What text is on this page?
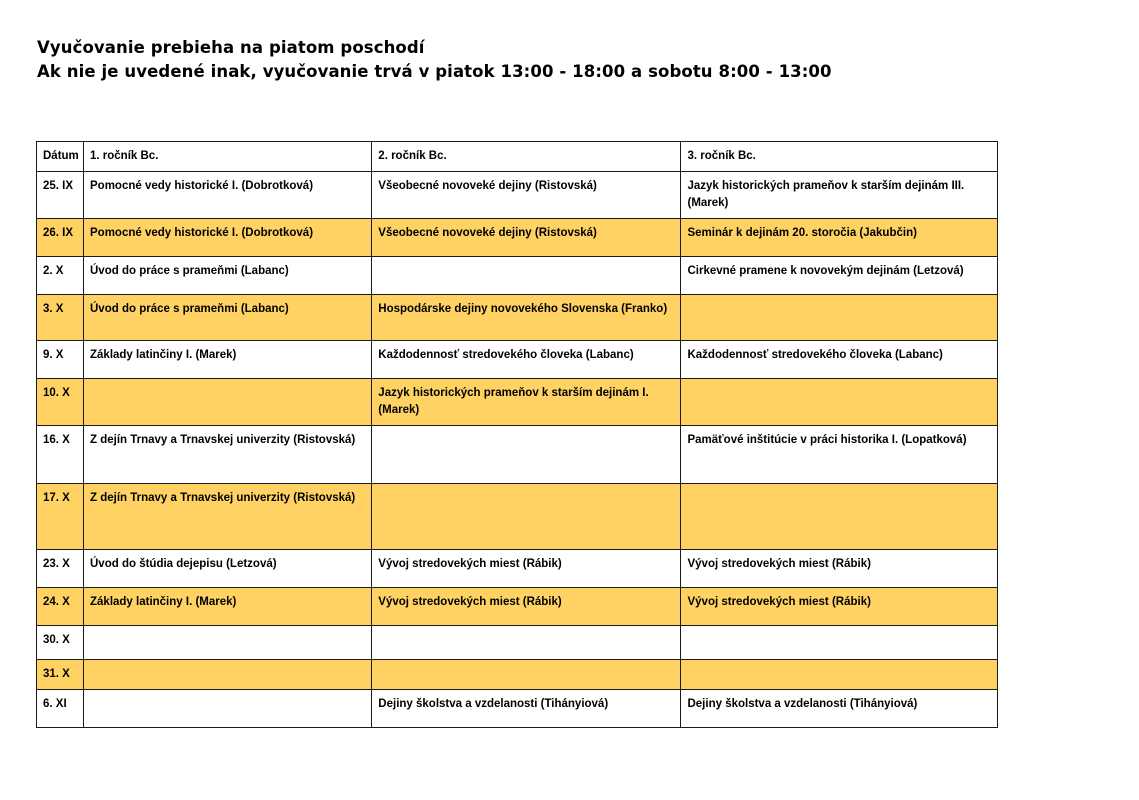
Vyučovanie prebieha na piatom poschodí
Ak nie je uvedené inak, vyučovanie trvá v piatok 13:00 - 18:00 a sobotu 8:00 - 13:00
Dátum	1. ročník Bc.	2. ročník Bc.	3. ročník Bc.
25. IX	Pomocné vedy historické I. (Dobrotková)	Všeobecné novoveké dejiny (Ristovská)	Jazyk historických prameňov k starším dejinám III. (Marek)
26. IX	Pomocné vedy historické I. (Dobrotková)	Všeobecné novoveké dejiny (Ristovská)	Seminár k dejinám 20. storočia (Jakubčin)
2. X	Úvod do práce s prameňmi (Labanc)		Cirkevné pramene k novovekým dejinám (Letzová)
3. X	Úvod do práce s prameňmi (Labanc)	Hospodárske dejiny novovekého Slovenska (Franko)	
9. X	Základy latinčiny I. (Marek)	Každodennosť stredovekého človeka (Labanc)	Každodennosť stredovekého človeka (Labanc)
10. X		Jazyk historických prameňov k starším dejinám I. (Marek)	
16. X	Z dejín Trnavy a Trnavskej univerzity (Ristovská)		Pamäťové inštitúcie v práci historika I. (Lopatková)
17. X	Z dejín Trnavy a Trnavskej univerzity (Ristovská)		
23. X	Úvod do štúdia dejepisu (Letzová)	Vývoj stredovekých miest (Rábik)	Vývoj stredovekých miest (Rábik)
24. X	Základy latinčiny I. (Marek)	Vývoj stredovekých miest (Rábik)	Vývoj stredovekých miest (Rábik)
30. X			
31. X			
6. XI		Dejiny školstva a vzdelanosti (Tihányiová)	Dejiny školstva a vzdelanosti (Tihányiová)
